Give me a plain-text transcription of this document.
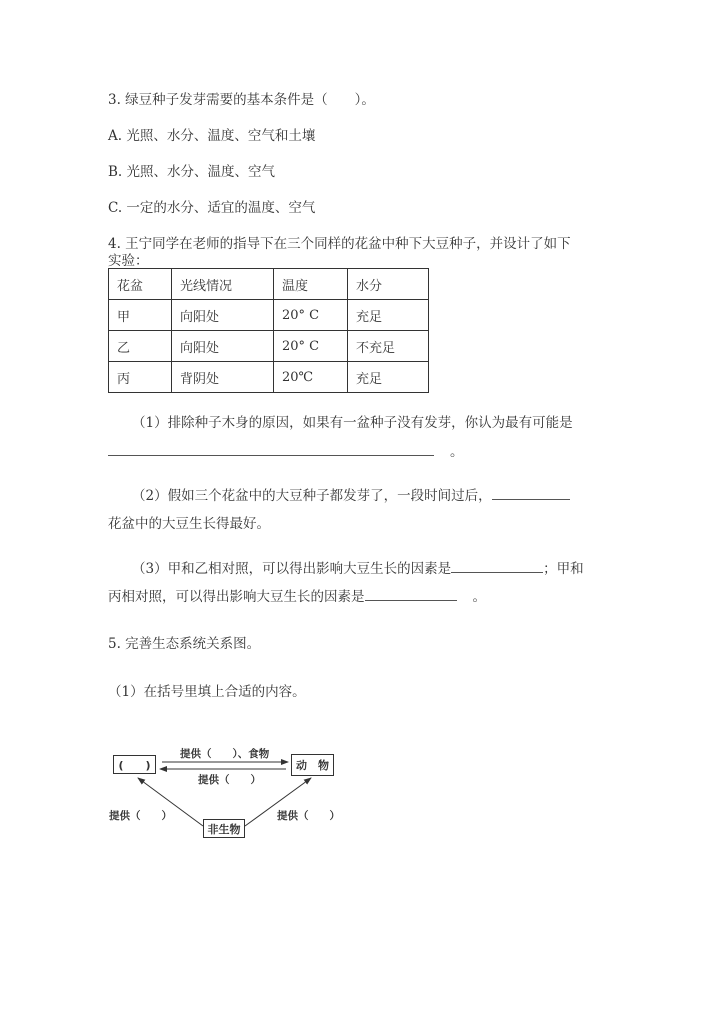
3. 绿豆种子发芽需要的基本条件是（　　）。
A. 光照、水分、温度、空气和土壤
B. 光照、水分、温度、空气
C. 一定的水分、适宜的温度、空气
4. 王宁同学在老师的指导下在三个同样的花盆中种下大豆种子，并设计了如下
实验：
花盆	光线情况	温度	水分
甲	向阳处	20° C	充足
乙	向阳处	20° C	不充足
丙	背阴处	20℃	充足
（1）排除种子木身的原因，如果有一盆种子没有发芽，你认为最有可能是
。
（2）假如三个花盆中的大豆种子都发芽了，一段时间过后，
花盆中的大豆生长得最好。
（3）甲和乙相对照，可以得出影响大豆生长的因素是	；甲和
丙相对照，可以得出影响大豆生长的因素是	。
5. 完善生态系统关系图。
（1）在括号里填上合适的内容。
(　　)	动　物
非生物
提供（　　）、食物
提供（　　）
提供（　　）	提供（　　）
